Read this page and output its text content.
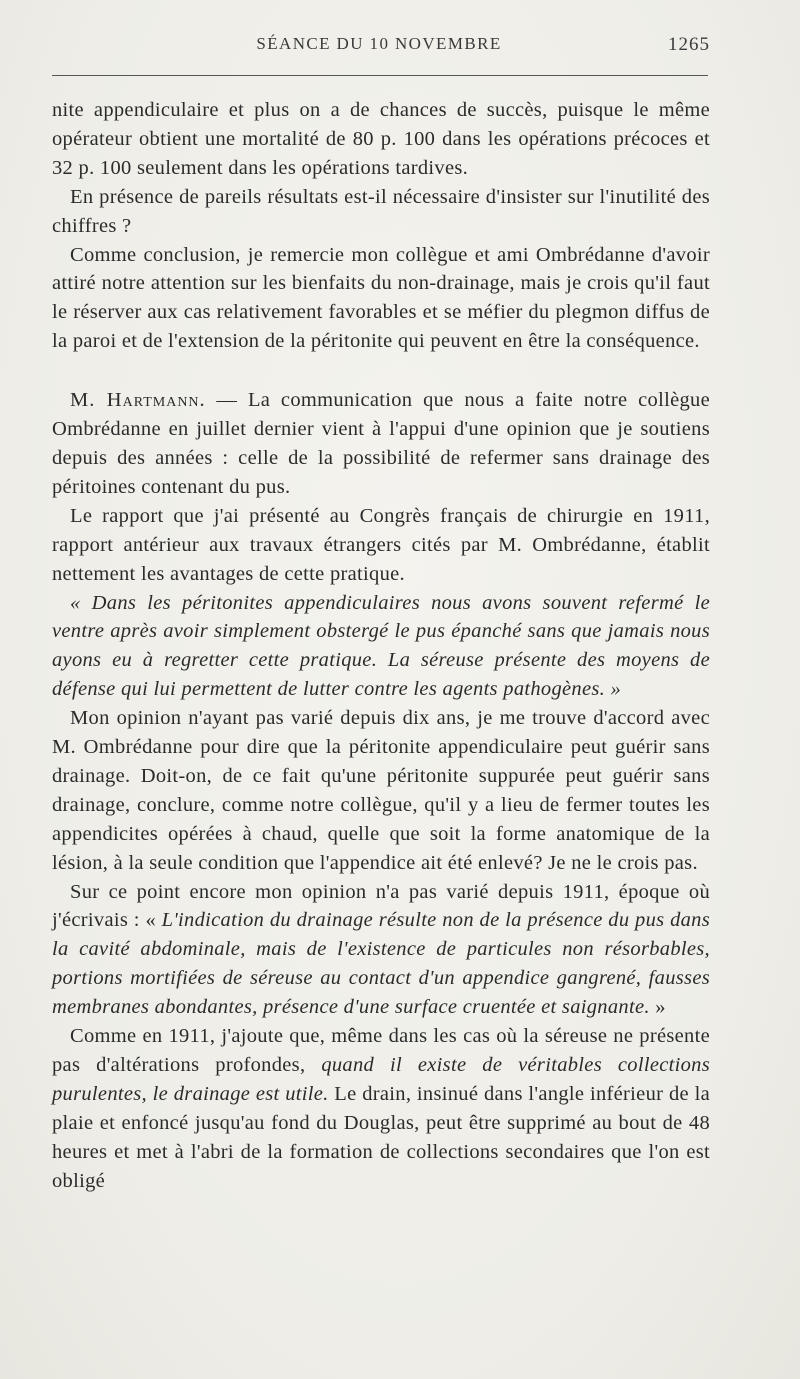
SÉANCE DU 10 NOVEMBRE	1265

nite appendiculaire et plus on a de chances de succès, puisque le même opérateur obtient une mortalité de 80 p. 100 dans les opérations précoces et 32 p. 100 seulement dans les opérations tardives.

En présence de pareils résultats est-il nécessaire d'insister sur l'inutilité des chiffres ?

Comme conclusion, je remercie mon collègue et ami Ombrédanne d'avoir attiré notre attention sur les bienfaits du non-drainage, mais je crois qu'il faut le réserver aux cas relativement favorables et se méfier du plegmon diffus de la paroi et de l'extension de la péritonite qui peuvent en être la conséquence.

M. Hartmann. — La communication que nous a faite notre collègue Ombrédanne en juillet dernier vient à l'appui d'une opinion que je soutiens depuis des années : celle de la possibilité de refermer sans drainage des péritoines contenant du pus.

Le rapport que j'ai présenté au Congrès français de chirurgie en 1911, rapport antérieur aux travaux étrangers cités par M. Ombrédanne, établit nettement les avantages de cette pratique.

« Dans les péritonites appendiculaires nous avons souvent refermé le ventre après avoir simplement obstergé le pus épanché sans que jamais nous ayons eu à regretter cette pratique. La séreuse présente des moyens de défense qui lui permettent de lutter contre les agents pathogènes. »

Mon opinion n'ayant pas varié depuis dix ans, je me trouve d'accord avec M. Ombrédanne pour dire que la péritonite appendiculaire peut guérir sans drainage. Doit-on, de ce fait qu'une péritonite suppurée peut guérir sans drainage, conclure, comme notre collègue, qu'il y a lieu de fermer toutes les appendicites opérées à chaud, quelle que soit la forme anatomique de la lésion, à la seule condition que l'appendice ait été enlevé? Je ne le crois pas.

Sur ce point encore mon opinion n'a pas varié depuis 1911, époque où j'écrivais : « L'indication du drainage résulte non de la présence du pus dans la cavité abdominale, mais de l'existence de particules non résorbables, portions mortifiées de séreuse au contact d'un appendice gangrené, fausses membranes abondantes, présence d'une surface cruentée et saignante. »

Comme en 1911, j'ajoute que, même dans les cas où la séreuse ne présente pas d'altérations profondes, quand il existe de véritables collections purulentes, le drainage est utile. Le drain, insinué dans l'angle inférieur de la plaie et enfoncé jusqu'au fond du Douglas, peut être supprimé au bout de 48 heures et met à l'abri de la formation de collections secondaires que l'on est obligé
